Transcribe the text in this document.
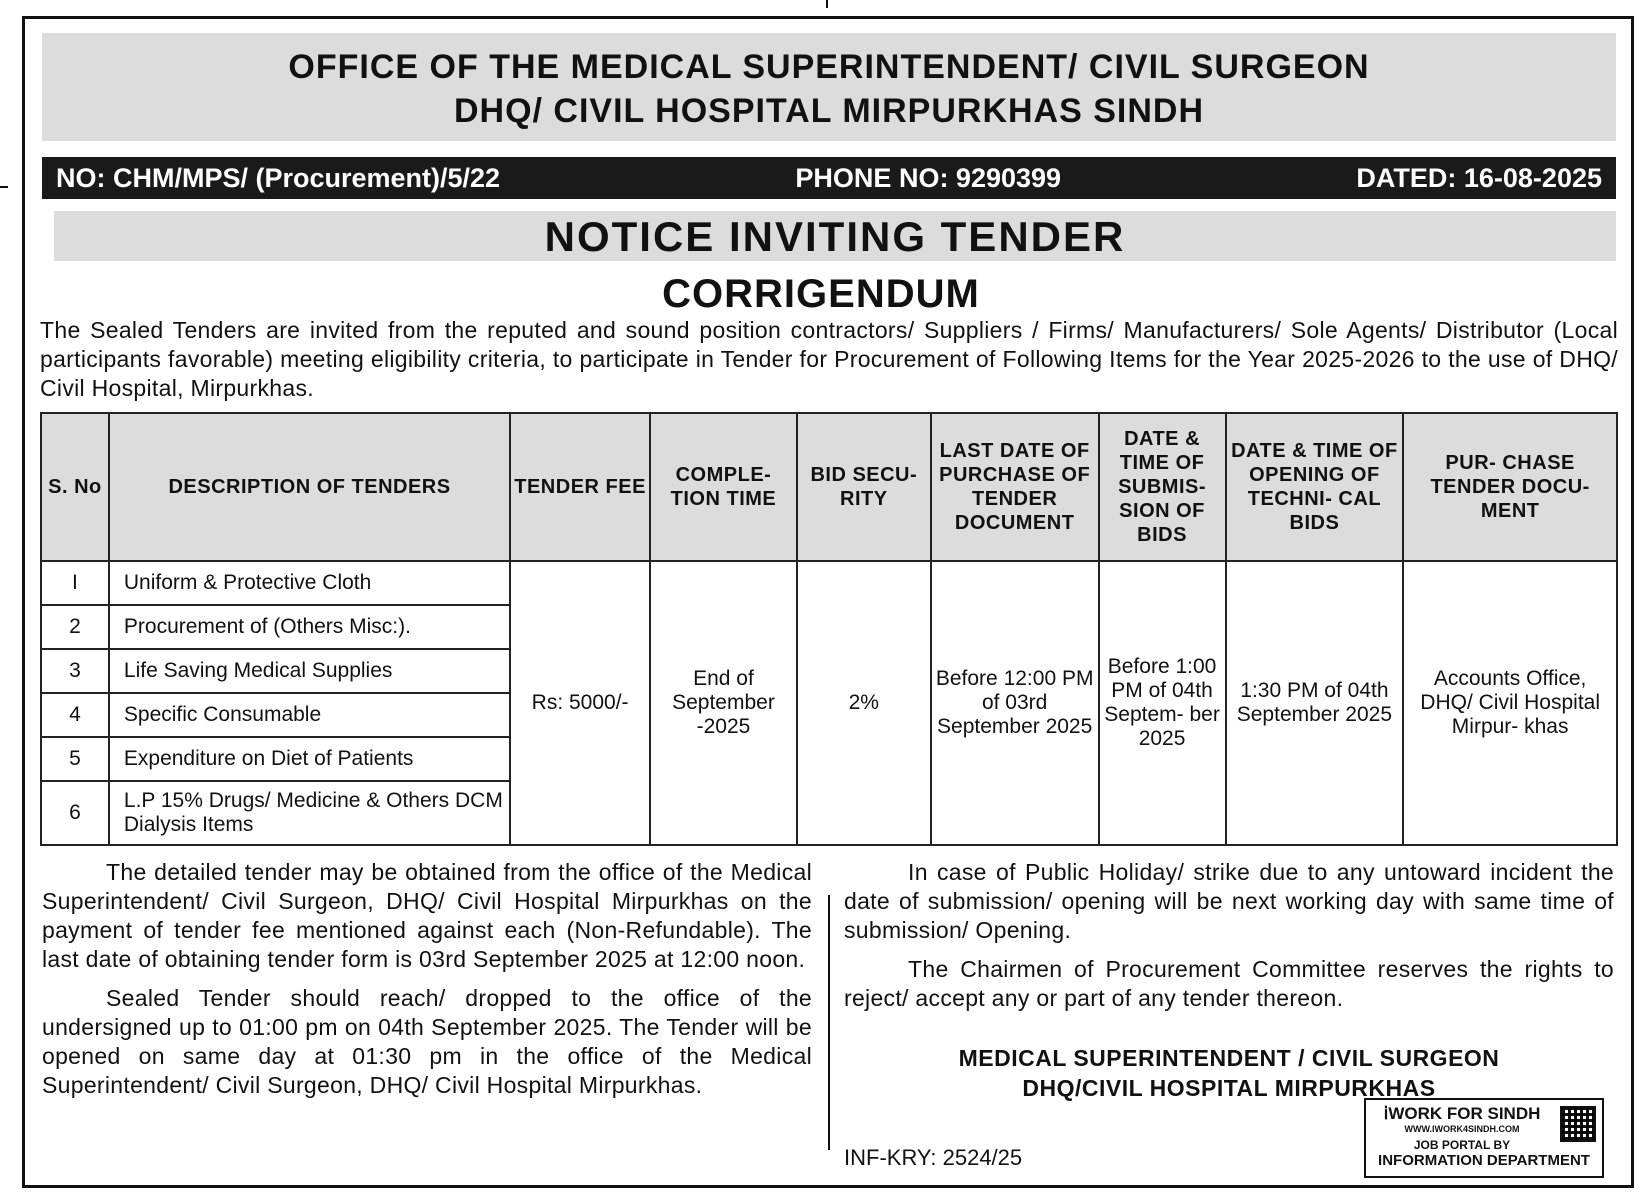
OFFICE OF THE MEDICAL SUPERINTENDENT/ CIVIL SURGEON
DHQ/ CIVIL HOSPITAL MIRPURKHAS SINDH
NO: CHM/MPS/ (Procurement)/5/22	PHONE NO: 9290399	DATED: 16-08-2025
NOTICE INVITING TENDER
CORRIGENDUM
The Sealed Tenders are invited from the reputed and sound position contractors/ Suppliers / Firms/ Manufacturers/ Sole Agents/ Distributor (Local participants favorable) meeting eligibility criteria, to participate in Tender for Procurement of Following Items for the Year 2025-2026 to the use of DHQ/ Civil Hospital, Mirpurkhas.
S. No	DESCRIPTION OF TENDERS	TENDER FEE	COMPLE- TION TIME	BID SECU- RITY	LAST DATE OF PURCHASE OF TENDER DOCUMENT	DATE & TIME OF SUBMIS- SION OF BIDS	DATE & TIME OF OPENING OF TECHNI- CAL BIDS	PUR- CHASE TENDER DOCU- MENT
I	Uniform & Protective Cloth	Rs: 5000/-	End of September -2025	2%	Before 12:00 PM of 03rd September 2025	Before 1:00 PM of 04th Septem- ber 2025	1:30 PM of 04th September 2025	Accounts Office, DHQ/ Civil Hospital Mirpur- khas
2	Procurement of (Others Misc:).							
3	Life Saving Medical Supplies							
4	Specific Consumable							
5	Expenditure on Diet of Patients							
6	L.P 15% Drugs/ Medicine & Others DCM Dialysis Items							

The detailed tender may be obtained from the office of the Medical Superintendent/ Civil Surgeon, DHQ/ Civil Hospital Mirpurkhas on the payment of tender fee mentioned against each (Non-Refundable). The last date of obtaining tender form is 03rd September 2025 at 12:00 noon.

Sealed Tender should reach/ dropped to the office of the undersigned up to 01:00 pm on 04th September 2025. The Tender will be opened on same day at 01:30 pm in the office of the Medical Superintendent/ Civil Surgeon, DHQ/ Civil Hospital Mirpurkhas.

In case of Public Holiday/ strike due to any untoward incident the date of submission/ opening will be next working day with same time of submission/ Opening.

The Chairmen of Procurement Committee reserves the rights to reject/ accept any or part of any tender thereon.

MEDICAL SUPERINTENDENT / CIVIL SURGEON
DHQ/CIVIL HOSPITAL MIRPURKHAS
INF-KRY: 2524/25
ⅰWORK FOR SINDH
WWW.IWORK4SINDH.COM
JOB PORTAL BY
INFORMATION DEPARTMENT
